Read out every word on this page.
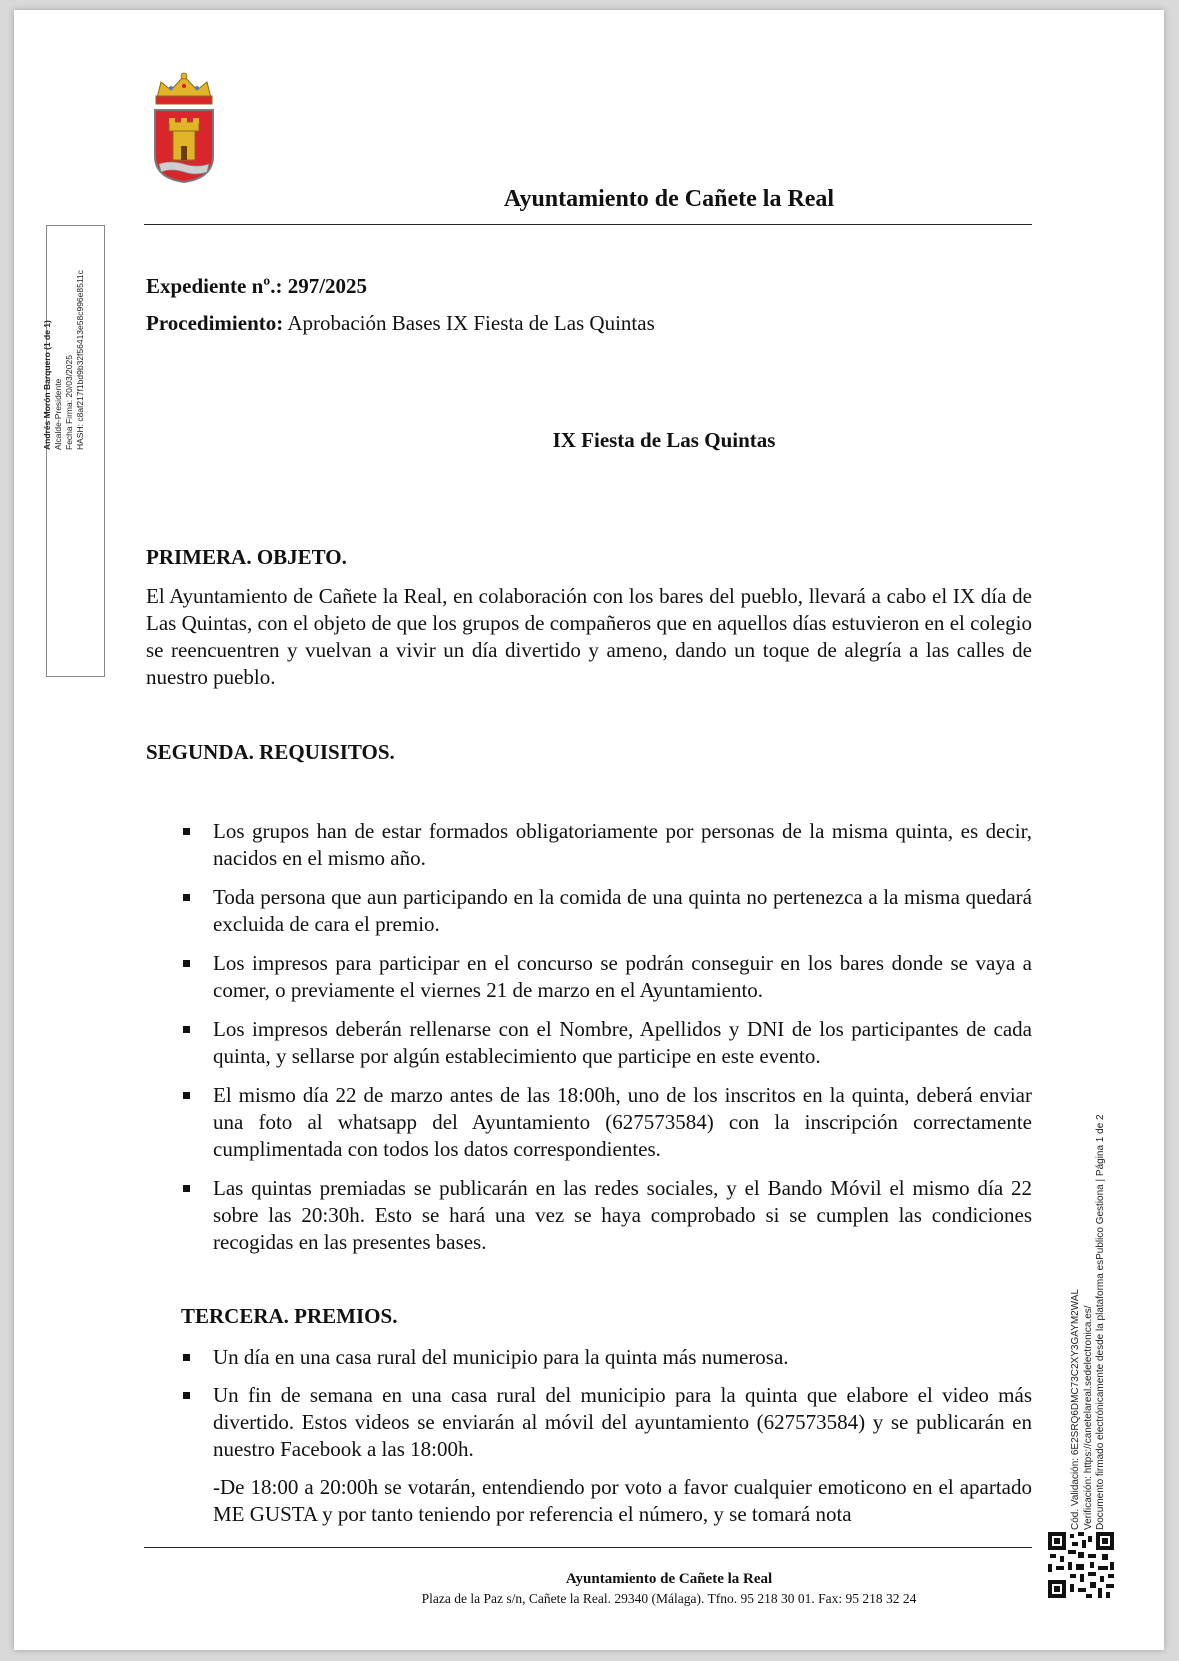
Ayuntamiento de Cañete la Real
Andrés Morón Barquero (1 de 1) Alcalde-Presidente Fecha Firma: 20/03/2025 HASH: c8af217f1bd9b32f56413e58c996e8511c	Expediente nº.: 297/2025
Procedimiento: Aprobación Bases IX Fiesta de Las Quintas
IX Fiesta de Las Quintas
PRIMERA. OBJETO.
El Ayuntamiento de Cañete la Real, en colaboración con los bares del pueblo, llevará a cabo el IX día de Las Quintas, con el objeto de que los grupos de compañeros que en aquellos días estuvieron en el colegio se reencuentren y vuelvan a vivir un día divertido y ameno, dando un toque de alegría a las calles de nuestro pueblo.
SEGUNDA. REQUISITOS.
Los grupos han de estar formados obligatoriamente por personas de la misma quinta, es decir, nacidos en el mismo año.
Toda persona que aun participando en la comida de una quinta no pertenezca a la misma quedará excluida de cara el premio.
Los impresos para participar en el concurso se podrán conseguir en los bares donde se vaya a comer, o previamente el viernes 21 de marzo en el Ayuntamiento.
Los impresos deberán rellenarse con el Nombre, Apellidos y DNI de los participantes de cada quinta, y sellarse por algún establecimiento que participe en este evento.
El mismo día 22 de marzo antes de las 18:00h, uno de los inscritos en la quinta, deberá enviar una foto al whatsapp del Ayuntamiento (627573584) con la inscripción correctamente cumplimentada con todos los datos correspondientes.
Las quintas premiadas se publicarán en las redes sociales, y el Bando Móvil el mismo día 22 sobre las 20:30h. Esto se hará una vez se haya comprobado si se cumplen las condiciones recogidas en las presentes bases.
TERCERA. PREMIOS.
Un día en una casa rural del municipio para la quinta más numerosa.
Un fin de semana en una casa rural del municipio para la quinta que elabore el video más divertido. Estos videos se enviarán al móvil del ayuntamiento (627573584) y se publicarán en nuestro Facebook a las 18:00h.
-De 18:00 a 20:00h se votarán, entendiendo por voto a favor cualquier emoticono en el apartado ME GUSTA y por tanto teniendo por referencia el número, y se tomará nota
Ayuntamiento de Cañete la Real
Plaza de la Paz s/n, Cañete la Real. 29340 (Málaga). Tfno. 95 218 30 01. Fax: 95 218 32 24
Cód. Validación: 6E2SRQ6DMC73C2XY3GAYM2WAL Verificación: https://canetelareal.sedelectronica.es/ Documento firmado electrónicamente desde la plataforma esPublico Gestiona | Página 1 de 2
